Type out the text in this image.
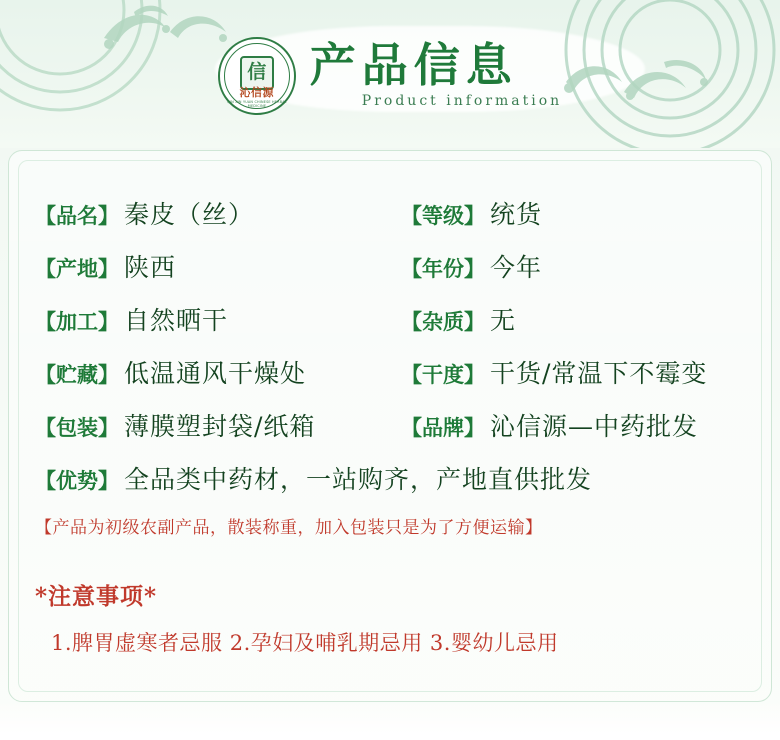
信
沁信源
QIN XIN YUAN CHINESE HERBAL MEDICINE
产品信息
Product information
【品名】 秦皮（丝）	【等级】 统货
【产地】 陕西	【年份】 今年
【加工】 自然晒干	【杂质】 无
【贮藏】 低温通风干燥处	【干度】 干货/常温下不霉变
【包装】 薄膜塑封袋/纸箱	【品牌】 沁信源—中药批发
【优势】 全品类中药材，一站购齐，产地直供批发
【产品为初级农副产品，散装称重，加入包装只是为了方便运输】
*注意事项*
1.脾胃虚寒者忌服 2.孕妇及哺乳期忌用 3.婴幼儿忌用
